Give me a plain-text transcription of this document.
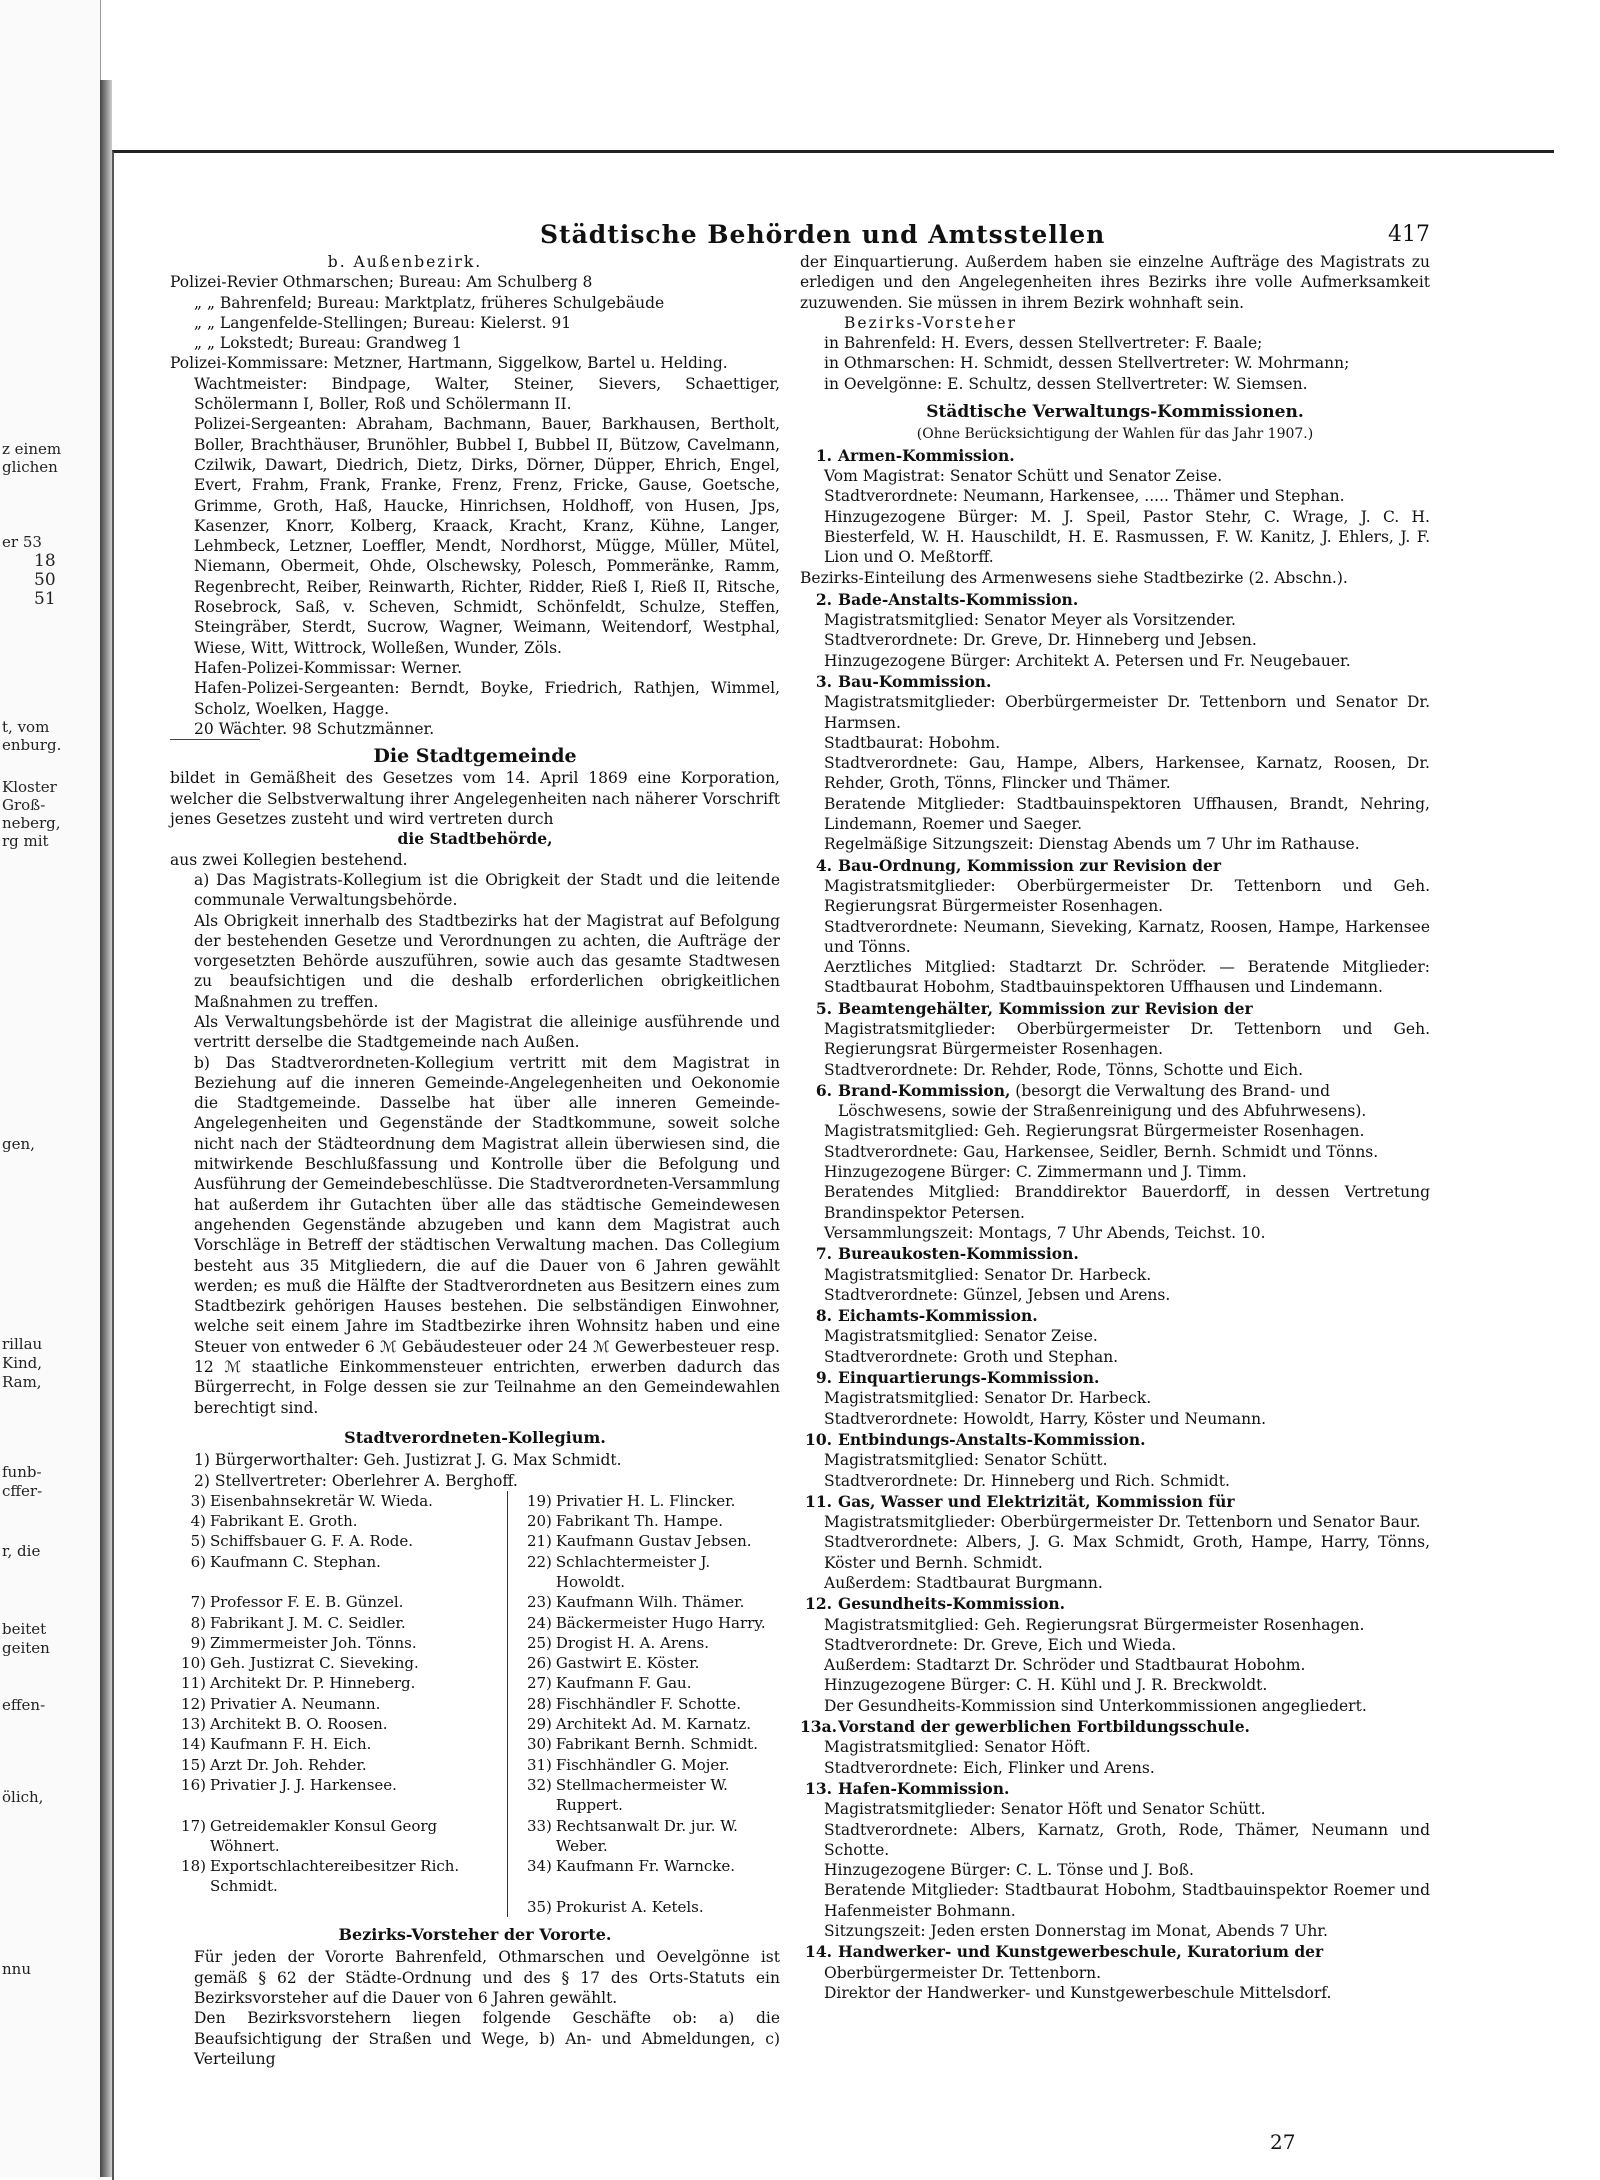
z einem
glichen
er 53
18
50
51
t, vom
enburg.
Kloster
Groß-
neberg,
rg mit
gen,
rillau
Kind,
Ram,
funb-
cffer-
r, die
beitet
geiten
effen-
ölich,
nnu
Städtische Behörden und Amtsstellen	417

b. Außenbezirk.

Polizei-Revier Othmarschen; Bureau: Am Schulberg 8

„ „ Bahrenfeld; Bureau: Marktplatz, früheres Schulgebäude

„ „ Langenfelde-Stellingen; Bureau: Kielerst. 91

„ „ Lokstedt; Bureau: Grandweg 1

Polizei-Kommissare: Metzner, Hartmann, Siggelkow, Bartel u. Helding.

Wachtmeister: Bindpage, Walter, Steiner, Sievers, Schaettiger, Schölermann I, Boller, Roß und Schölermann II.

Polizei-Sergeanten: Abraham, Bachmann, Bauer, Barkhausen, Bertholt, Boller, Brachthäuser, Brunöhler, Bubbel I, Bubbel II, Bützow, Cavelmann, Czilwik, Dawart, Diedrich, Dietz, Dirks, Dörner, Düpper, Ehrich, Engel, Evert, Frahm, Frank, Franke, Frenz, Frenz, Fricke, Gause, Goetsche, Grimme, Groth, Haß, Haucke, Hinrichsen, Holdhoff, von Husen, Jps, Kasenzer, Knorr, Kolberg, Kraack, Kracht, Kranz, Kühne, Langer, Lehmbeck, Letzner, Loeffler, Mendt, Nordhorst, Mügge, Müller, Mütel, Niemann, Obermeit, Ohde, Olschewsky, Polesch, Pommeränke, Ramm, Regenbrecht, Reiber, Reinwarth, Richter, Ridder, Rieß I, Rieß II, Ritsche, Rosebrock, Saß, v. Scheven, Schmidt, Schönfeldt, Schulze, Steffen, Steingräber, Sterdt, Sucrow, Wagner, Weimann, Weitendorf, Westphal, Wiese, Witt, Wittrock, Wolleßen, Wunder, Zöls.

Hafen-Polizei-Kommissar: Werner.

Hafen-Polizei-Sergeanten: Berndt, Boyke, Friedrich, Rathjen, Wimmel, Scholz, Woelken, Hagge.

20 Wächter. 98 Schutzmänner.

Die Stadtgemeinde

bildet in Gemäßheit des Gesetzes vom 14. April 1869 eine Korporation, welcher die Selbstverwaltung ihrer Angelegenheiten nach näherer Vorschrift jenes Gesetzes zusteht und wird vertreten durch

die Stadtbehörde,

aus zwei Kollegien bestehend.

a) Das Magistrats-Kollegium ist die Obrigkeit der Stadt und die leitende communale Verwaltungsbehörde.

Als Obrigkeit innerhalb des Stadtbezirks hat der Magistrat auf Befolgung der bestehenden Gesetze und Verordnungen zu achten, die Aufträge der vorgesetzten Behörde auszuführen, sowie auch das gesamte Stadtwesen zu beaufsichtigen und die deshalb erforderlichen obrigkeitlichen Maßnahmen zu treffen.

Als Verwaltungsbehörde ist der Magistrat die alleinige ausführende und vertritt derselbe die Stadtgemeinde nach Außen.

b) Das Stadtverordneten-Kollegium vertritt mit dem Magistrat in Beziehung auf die inneren Gemeinde-Angelegenheiten und Oekonomie die Stadtgemeinde. Dasselbe hat über alle inneren Gemeinde-Angelegenheiten und Gegenstände der Stadtkommune, soweit solche nicht nach der Städteordnung dem Magistrat allein überwiesen sind, die mitwirkende Beschlußfassung und Kontrolle über die Befolgung und Ausführung der Gemeindebeschlüsse. Die Stadtverordneten-Versammlung hat außerdem ihr Gutachten über alle das städtische Gemeindewesen angehenden Gegenstände abzugeben und kann dem Magistrat auch Vorschläge in Betreff der städtischen Verwaltung machen. Das Collegium besteht aus 35 Mitgliedern, die auf die Dauer von 6 Jahren gewählt werden; es muß die Hälfte der Stadtverordneten aus Besitzern eines zum Stadtbezirk gehörigen Hauses bestehen. Die selbständigen Einwohner, welche seit einem Jahre im Stadtbezirke ihren Wohnsitz haben und eine Steuer von entweder 6 ℳ Gebäudesteuer oder 24 ℳ Gewerbesteuer resp. 12 ℳ staatliche Einkommensteuer entrichten, erwerben dadurch das Bürgerrecht, in Folge dessen sie zur Teilnahme an den Gemeindewahlen berechtigt sind.

Stadtverordneten-Kollegium.

1) Bürgerworthalter: Geh. Justizrat J. G. Max Schmidt.

2) Stellvertreter: Oberlehrer A. Berghoff.

3)	Eisenbahnsekretär W. Wieda.		19)	Privatier H. L. Flincker.
4)	Fabrikant E. Groth.		20)	Fabrikant Th. Hampe.
5)	Schiffsbauer G. F. A. Rode.		21)	Kaufmann Gustav Jebsen.
6)	Kaufmann C. Stephan.		22)	Schlachtermeister J. Howoldt.
7)	Professor F. E. B. Günzel.		23)	Kaufmann Wilh. Thämer.
8)	Fabrikant J. M. C. Seidler.		24)	Bäckermeister Hugo Harry.
9)	Zimmermeister Joh. Tönns.		25)	Drogist H. A. Arens.
10)	Geh. Justizrat C. Sieveking.		26)	Gastwirt E. Köster.
11)	Architekt Dr. P. Hinneberg.		27)	Kaufmann F. Gau.
12)	Privatier A. Neumann.		28)	Fischhändler F. Schotte.
13)	Architekt B. O. Roosen.		29)	Architekt Ad. M. Karnatz.
14)	Kaufmann F. H. Eich.		30)	Fabrikant Bernh. Schmidt.
15)	Arzt Dr. Joh. Rehder.		31)	Fischhändler G. Mojer.
16)	Privatier J. J. Harkensee.		32)	Stellmachermeister W. Ruppert.
17)	Getreidemakler Konsul Georg Wöhnert.		33)	Rechtsanwalt Dr. jur. W. Weber.
18)	Exportschlachtereibesitzer Rich. Schmidt.		34)	Kaufmann Fr. Warncke.
			35)	Prokurist A. Ketels.

Bezirks-Vorsteher der Vororte.

Für jeden der Vororte Bahrenfeld, Othmarschen und Oevelgönne ist gemäß § 62 der Städte-Ordnung und des § 17 des Orts-Statuts ein Bezirksvorsteher auf die Dauer von 6 Jahren gewählt.

Den Bezirksvorstehern liegen folgende Geschäfte ob: a) die Beaufsichtigung der Straßen und Wege, b) An- und Abmeldungen, c) Verteilung

der Einquartierung. Außerdem haben sie einzelne Aufträge des Magistrats zu erledigen und den Angelegenheiten ihres Bezirks ihre volle Aufmerksamkeit zuzuwenden. Sie müssen in ihrem Bezirk wohnhaft sein.

Bezirks-Vorsteher

in Bahrenfeld: H. Evers, dessen Stellvertreter: F. Baale;

in Othmarschen: H. Schmidt, dessen Stellvertreter: W. Mohrmann;

in Oevelgönne: E. Schultz, dessen Stellvertreter: W. Siemsen.

Städtische Verwaltungs-Kommissionen.

(Ohne Berücksichtigung der Wahlen für das Jahr 1907.)

1. Armen-Kommission.

Vom Magistrat: Senator Schütt und Senator Zeise.

Stadtverordnete: Neumann, Harkensee, ..... Thämer und Stephan.

Hinzugezogene Bürger: M. J. Speil, Pastor Stehr, C. Wrage, J. C. H. Biesterfeld, W. H. Hauschildt, H. E. Rasmussen, F. W. Kanitz, J. Ehlers, J. F. Lion und O. Meßtorff.

Bezirks-Einteilung des Armenwesens siehe Stadtbezirke (2. Abschn.).

2. Bade-Anstalts-Kommission.

Magistratsmitglied: Senator Meyer als Vorsitzender.

Stadtverordnete: Dr. Greve, Dr. Hinneberg und Jebsen.

Hinzugezogene Bürger: Architekt A. Petersen und Fr. Neugebauer.

3. Bau-Kommission.

Magistratsmitglieder: Oberbürgermeister Dr. Tettenborn und Senator Dr. Harmsen.

Stadtbaurat: Hobohm.

Stadtverordnete: Gau, Hampe, Albers, Harkensee, Karnatz, Roosen, Dr. Rehder, Groth, Tönns, Flincker und Thämer.

Beratende Mitglieder: Stadtbauinspektoren Uffhausen, Brandt, Nehring, Lindemann, Roemer und Saeger.

Regelmäßige Sitzungszeit: Dienstag Abends um 7 Uhr im Rathause.

4. Bau-Ordnung, Kommission zur Revision der

Magistratsmitglieder: Oberbürgermeister Dr. Tettenborn und Geh. Regierungsrat Bürgermeister Rosenhagen.

Stadtverordnete: Neumann, Sieveking, Karnatz, Roosen, Hampe, Harkensee und Tönns.

Aerztliches Mitglied: Stadtarzt Dr. Schröder. — Beratende Mitglieder: Stadtbaurat Hobohm, Stadtbauinspektoren Uffhausen und Lindemann.

5. Beamtengehälter, Kommission zur Revision der

Magistratsmitglieder: Oberbürgermeister Dr. Tettenborn und Geh. Regierungsrat Bürgermeister Rosenhagen.

Stadtverordnete: Dr. Rehder, Rode, Tönns, Schotte und Eich.

6. Brand-Kommission, (besorgt die Verwaltung des Brand- und Löschwesens, sowie der Straßenreinigung und des Abfuhrwesens).

Magistratsmitglied: Geh. Regierungsrat Bürgermeister Rosenhagen.

Stadtverordnete: Gau, Harkensee, Seidler, Bernh. Schmidt und Tönns.

Hinzugezogene Bürger: C. Zimmermann und J. Timm.

Beratendes Mitglied: Branddirektor Bauerdorff, in dessen Vertretung Brandinspektor Petersen.

Versammlungszeit: Montags, 7 Uhr Abends, Teichst. 10.

7. Bureaukosten-Kommission.

Magistratsmitglied: Senator Dr. Harbeck.

Stadtverordnete: Günzel, Jebsen und Arens.

8. Eichamts-Kommission.

Magistratsmitglied: Senator Zeise.

Stadtverordnete: Groth und Stephan.

9. Einquartierungs-Kommission.

Magistratsmitglied: Senator Dr. Harbeck.

Stadtverordnete: Howoldt, Harry, Köster und Neumann.

10. Entbindungs-Anstalts-Kommission.

Magistratsmitglied: Senator Schütt.

Stadtverordnete: Dr. Hinneberg und Rich. Schmidt.

11. Gas, Wasser und Elektrizität, Kommission für

Magistratsmitglieder: Oberbürgermeister Dr. Tettenborn und Senator Baur.

Stadtverordnete: Albers, J. G. Max Schmidt, Groth, Hampe, Harry, Tönns, Köster und Bernh. Schmidt.

Außerdem: Stadtbaurat Burgmann.

12. Gesundheits-Kommission.

Magistratsmitglied: Geh. Regierungsrat Bürgermeister Rosenhagen.

Stadtverordnete: Dr. Greve, Eich und Wieda.

Außerdem: Stadtarzt Dr. Schröder und Stadtbaurat Hobohm.

Hinzugezogene Bürger: C. H. Kühl und J. R. Breckwoldt.

Der Gesundheits-Kommission sind Unterkommissionen angegliedert.

13a. Vorstand der gewerblichen Fortbildungsschule.

Magistratsmitglied: Senator Höft.

Stadtverordnete: Eich, Flinker und Arens.

13. Hafen-Kommission.

Magistratsmitglieder: Senator Höft und Senator Schütt.

Stadtverordnete: Albers, Karnatz, Groth, Rode, Thämer, Neumann und Schotte.

Hinzugezogene Bürger: C. L. Tönse und J. Boß.

Beratende Mitglieder: Stadtbaurat Hobohm, Stadtbauinspektor Roemer und Hafenmeister Bohmann.

Sitzungszeit: Jeden ersten Donnerstag im Monat, Abends 7 Uhr.

14. Handwerker- und Kunstgewerbeschule, Kuratorium der

Oberbürgermeister Dr. Tettenborn.

Direktor der Handwerker- und Kunstgewerbeschule Mittelsdorf.

27
